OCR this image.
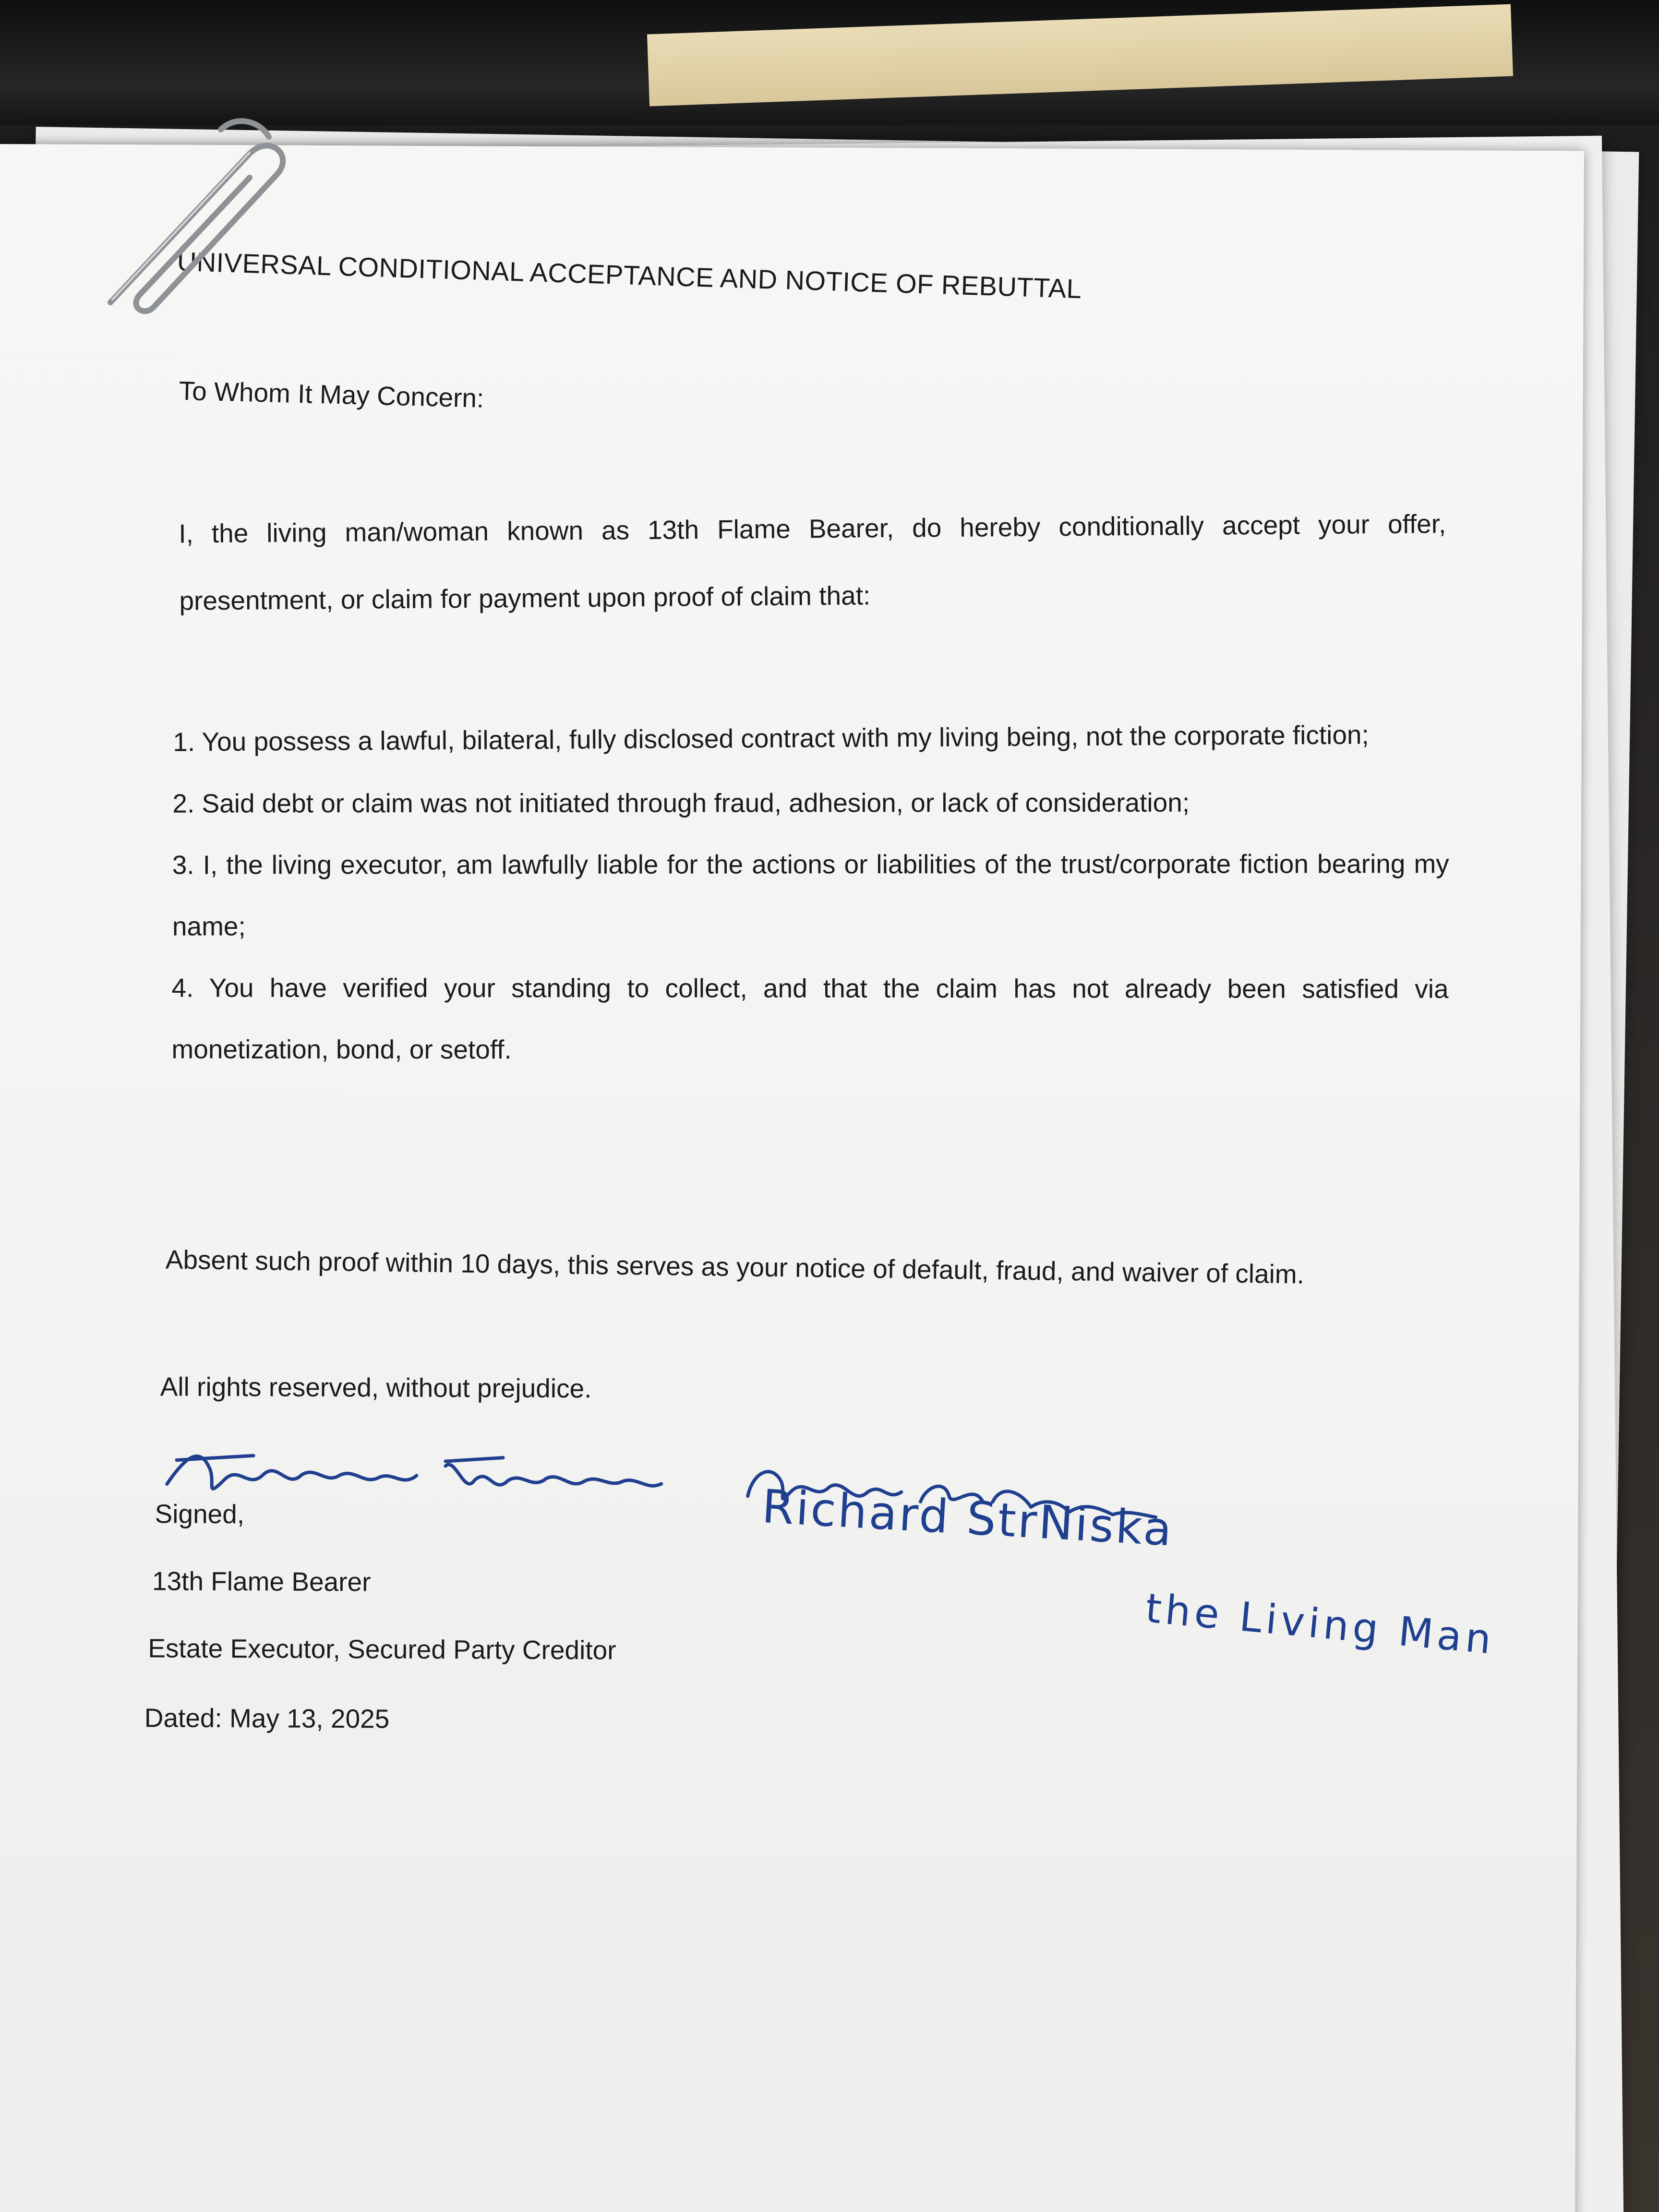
UNIVERSAL CONDITIONAL ACCEPTANCE AND NOTICE OF REBUTTAL
To Whom It May Concern:
I, the living man/woman known as 13th Flame Bearer, do hereby conditionally accept your offer, presentment, or claim for payment upon proof of claim that:
1. You possess a lawful, bilateral, fully disclosed contract with my living being, not the corporate fiction;
2. Said debt or claim was not initiated through fraud, adhesion, or lack of consideration;
3. I, the living executor, am lawfully liable for the actions or liabilities of the trust/corporate fiction bearing my name;
4. You have verified your standing to collect, and that the claim has not already been satisfied via monetization, bond, or setoff.
Absent such proof within 10 days, this serves as your notice of default, fraud, and waiver of claim.
All rights reserved, without prejudice.
Signed,
13th Flame Bearer
Estate Executor, Secured Party Creditor
Dated: May 13, 2025
Richard StrNiska
the Living Man
